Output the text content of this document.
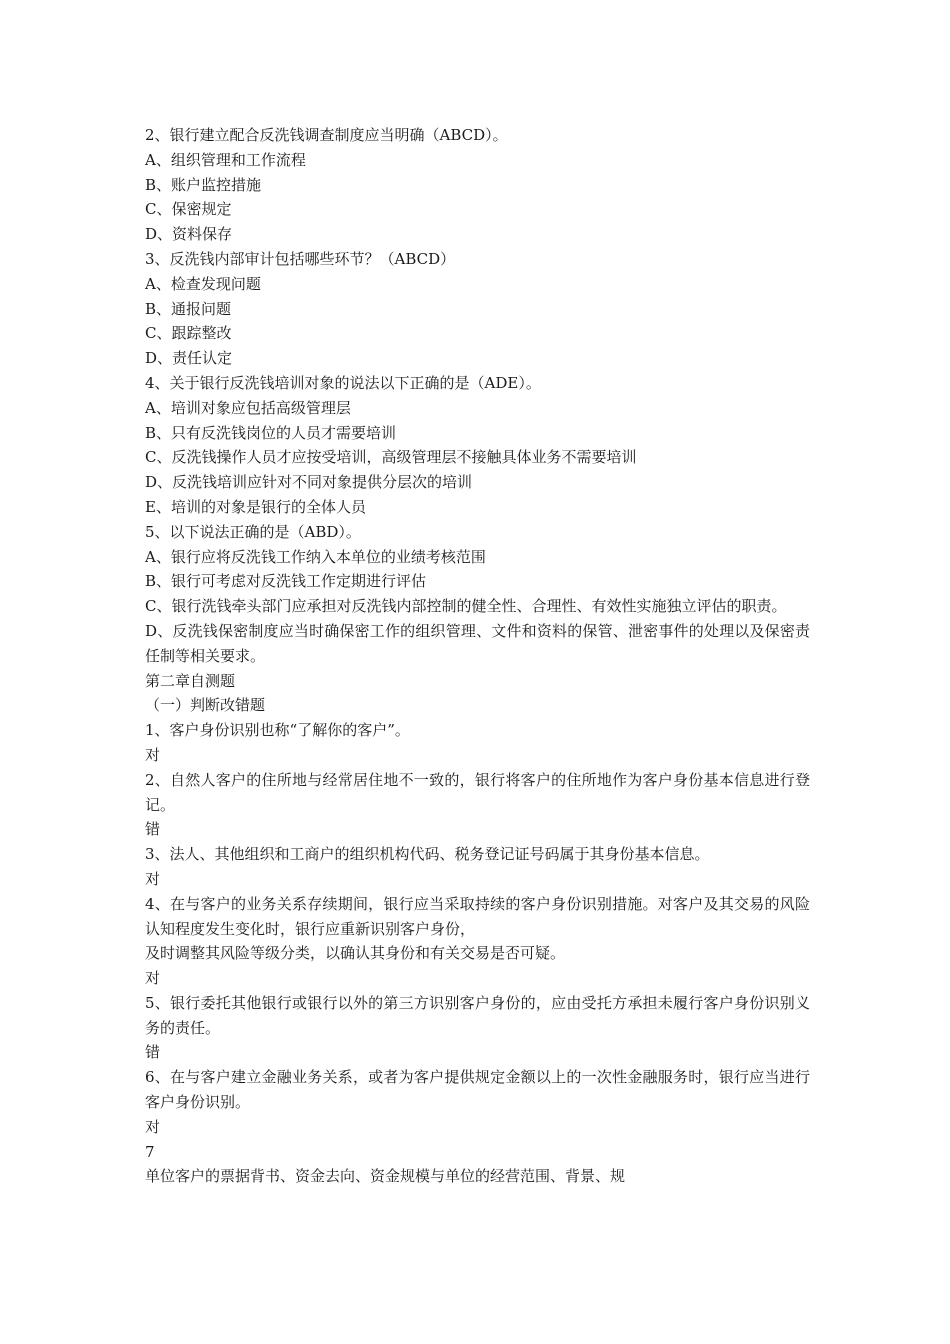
2、银行建立配合反洗钱调查制度应当明确（ABCD）。
A、组织管理和工作流程
B、账户监控措施
C、保密规定
D、资料保存
3、反洗钱内部审计包括哪些环节？（ABCD）
A、检查发现问题
B、通报问题
C、跟踪整改
D、责任认定
4、关于银行反洗钱培训对象的说法以下正确的是（ADE）。
A、培训对象应包括高级管理层
B、只有反洗钱岗位的人员才需要培训
C、反洗钱操作人员才应按受培训，高级管理层不接触具体业务不需要培训
D、反洗钱培训应针对不同对象提供分层次的培训
E、培训的对象是银行的全体人员
5、以下说法正确的是（ABD）。
A、银行应将反洗钱工作纳入本单位的业绩考核范围
B、银行可考虑对反洗钱工作定期进行评估
C、银行洗钱牵头部门应承担对反洗钱内部控制的健全性、合理性、有效性实施独立评估的职责。
D、反洗钱保密制度应当时确保密工作的组织管理、文件和资料的保管、泄密事件的处理以及保密责任制等相关要求。
第二章自测题
（一）判断改错题
1、客户身份识别也称“了解你的客户”。
对
2、自然人客户的住所地与经常居住地不一致的，银行将客户的住所地作为客户身份基本信息进行登记。
错
3、法人、其他组织和工商户的组织机构代码、税务登记证号码属于其身份基本信息。
对
4、在与客户的业务关系存续期间，银行应当采取持续的客户身份识别措施。对客户及其交易的风险认知程度发生变化时，银行应重新识别客户身份，
及时调整其风险等级分类，以确认其身份和有关交易是否可疑。
对
5、银行委托其他银行或银行以外的第三方识别客户身份的，应由受托方承担未履行客户身份识别义务的责任。
错
6、在与客户建立金融业务关系，或者为客户提供规定金额以上的一次性金融服务时，银行应当进行客户身份识别。
对
7
单位客户的票据背书、资金去向、资金规模与单位的经营范围、背景、规
